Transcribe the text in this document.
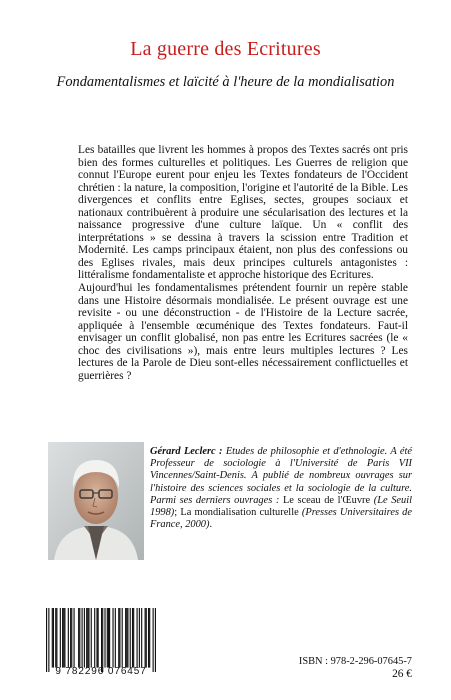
La guerre des Ecritures
Fondamentalismes et laïcité à l'heure de la mondialisation

Les batailles que livrent les hommes à propos des Textes sacrés ont pris bien des formes culturelles et politiques. Les Guerres de religion que connut l'Europe eurent pour enjeu les Textes fondateurs de l'Occident chrétien : la nature, la composition, l'origine et l'autorité de la Bible. Les divergences et conflits entre Eglises, sectes, groupes sociaux et nationaux contribuèrent à produire une sécularisation des lectures et la naissance progressive d'une culture laïque. Un « conflit des interprétations » se dessina à travers la scission entre Tradition et Modernité. Les camps principaux étaient, non plus des confessions ou des Eglises rivales, mais deux principes culturels antagonistes : littéralisme fondamentaliste et approche historique des Ecritures.

Aujourd'hui les fondamentalismes prétendent fournir un repère stable dans une Histoire désormais mondialisée. Le présent ouvrage est une revisite - ou une déconstruction - de l'Histoire de la Lecture sacrée, appliquée à l'ensemble œcuménique des Textes fondateurs. Faut-il envisager un conflit globalisé, non pas entre les Ecritures sacrées (le « choc des civilisations »), mais entre leurs multiples lectures ? Les lectures de la Parole de Dieu sont-elles nécessairement conflictuelles et guerrières ?

Gérard Leclerc : Etudes de philosophie et d'ethnologie. A été Professeur de sociologie à l'Université de Paris VII Vincennes/Saint-Denis. A publié de nombreux ouvrages sur l'histoire des sciences sociales et la sociologie de la culture. Parmi ses derniers ouvrages : Le sceau de l'Œuvre (Le Seuil 1998); La mondialisation culturelle (Presses Universitaires de France, 2000).
9 782296 076457
ISBN : 978-2-296-07645-7
26 €
